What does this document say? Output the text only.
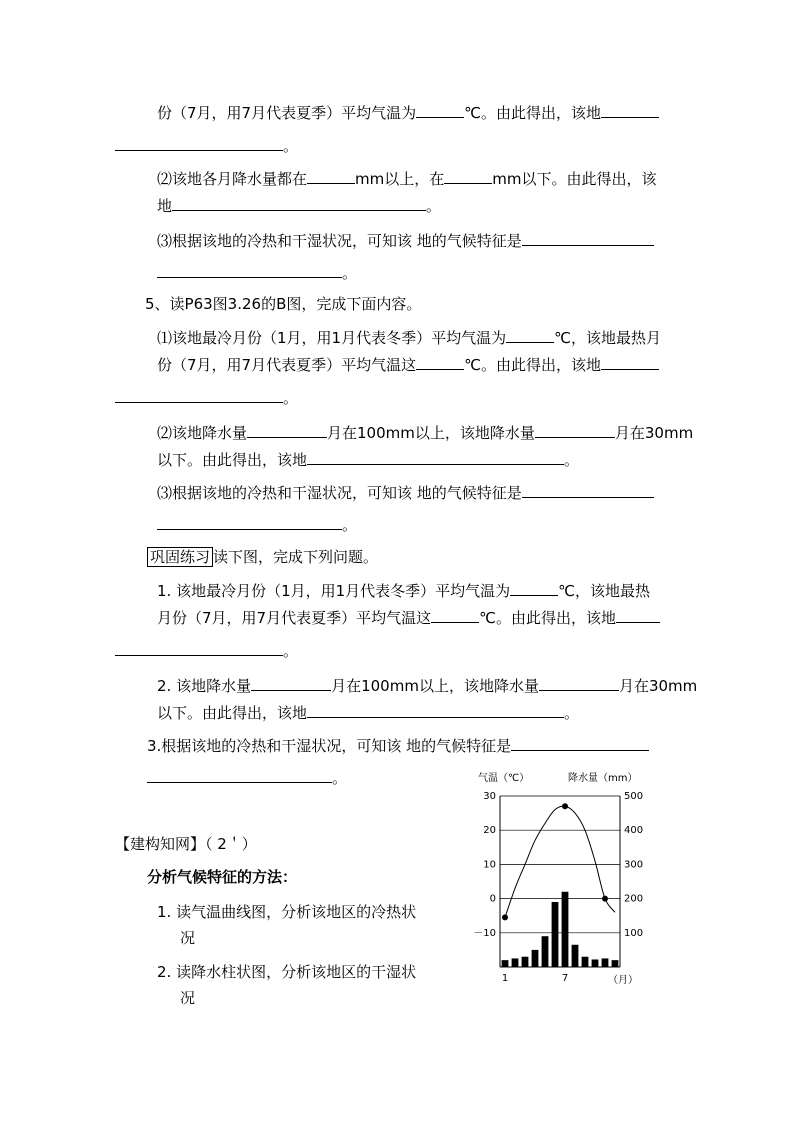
份（7月，用7月代表夏季）平均气温为	℃。由此得出，该地
。
⑵该地各月降水量都在	mm以上，在	mm以下。由此得出，该
地	。
⑶根据该地的冷热和干湿状况，可知该 地的气候特征是
。
5、读P63图3.26的B图，完成下面内容。
⑴该地最冷月份（1月，用1月代表冬季）平均气温为	℃，该地最热月
份（7月，用7月代表夏季）平均气温这	℃。由此得出，该地
。
⑵该地降水量	月在100mm以上，该地降水量	月在30mm
以下。由此得出，该地	。
⑶根据该地的冷热和干湿状况，可知该 地的气候特征是
。
巩固练习 读下图，完成下列问题。
1. 该地最冷月份（1月，用1月代表冬季）平均气温为	℃，该地最热
月份（7月，用7月代表夏季）平均气温这	℃。由此得出，该地
。
2. 该地降水量	月在100mm以上，该地降水量	月在30mm
以下。由此得出，该地	。
3.根据该地的冷热和干湿状况，可知该 地的气候特征是
。
【建构知网】（ 2＇）
分析气候特征的方法：
1. 读气温曲线图，分析该地区的冷热状
况
2. 读降水柱状图，分析该地区的干湿状
况
气温（℃）	降水量（mm）
30
20
10
0
－10
500
400
300
200
100
1	7	（月）
